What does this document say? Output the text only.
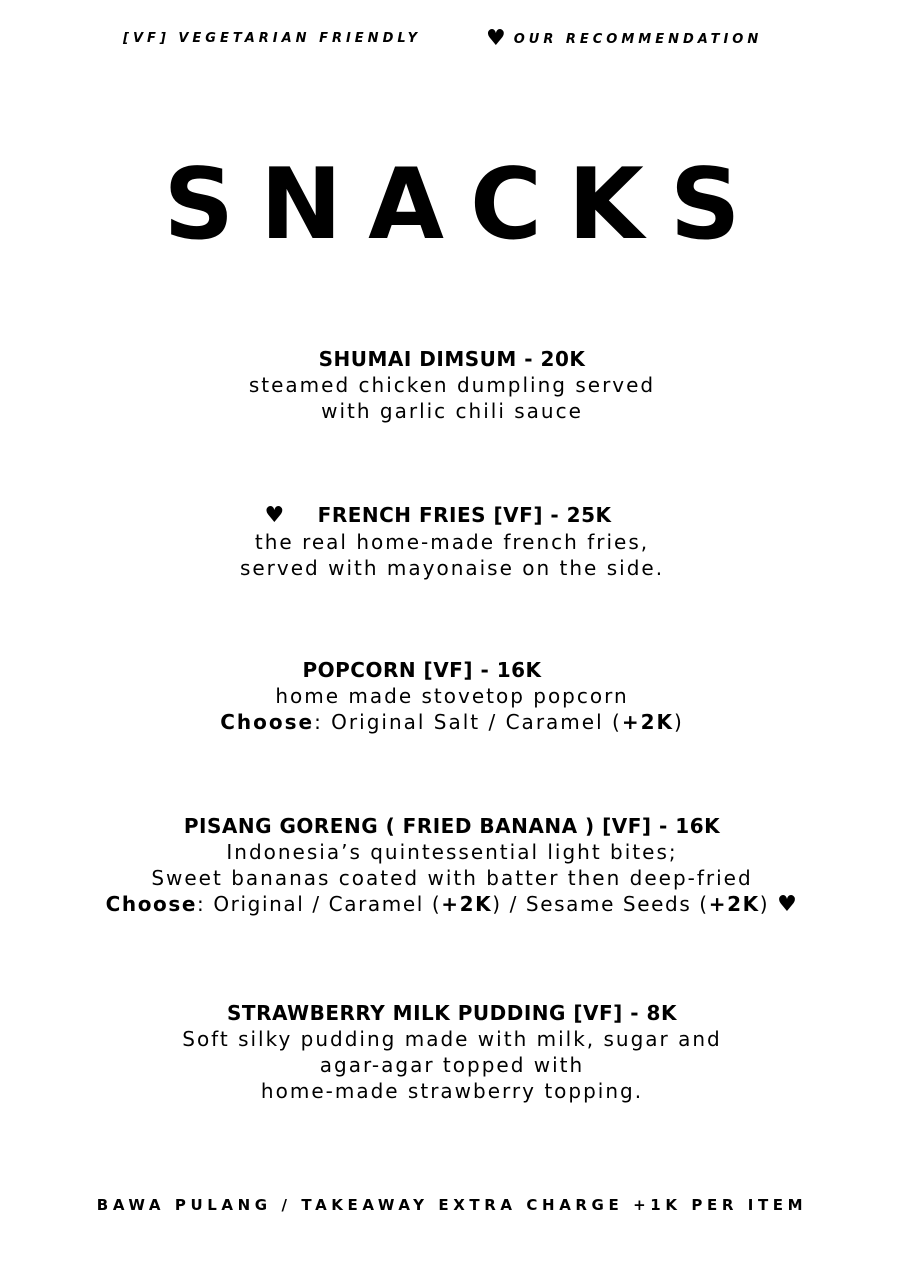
[VF] VEGETARIAN FRIENDLY	♥ OUR RECOMMENDATION
SNACKS
SHUMAI DIMSUM - 20K
steamed chicken dumpling served
with garlic chili sauce
♥ FRENCH FRIES [VF] - 25K
the real home-made french fries,
served with mayonaise on the side.
POPCORN [VF] - 16K
home made stovetop popcorn
Choose: Original Salt / Caramel (+2K)
PISANG GORENG ( FRIED BANANA ) [VF] - 16K
Indonesia’s quintessential light bites;
Sweet bananas coated with batter then deep-fried
Choose: Original / Caramel (+2K) / Sesame Seeds (+2K) ♥
STRAWBERRY MILK PUDDING [VF] - 8K
Soft silky pudding made with milk, sugar and
agar-agar topped with
home-made strawberry topping.
BAWA PULANG / TAKEAWAY EXTRA CHARGE +1K PER ITEM
